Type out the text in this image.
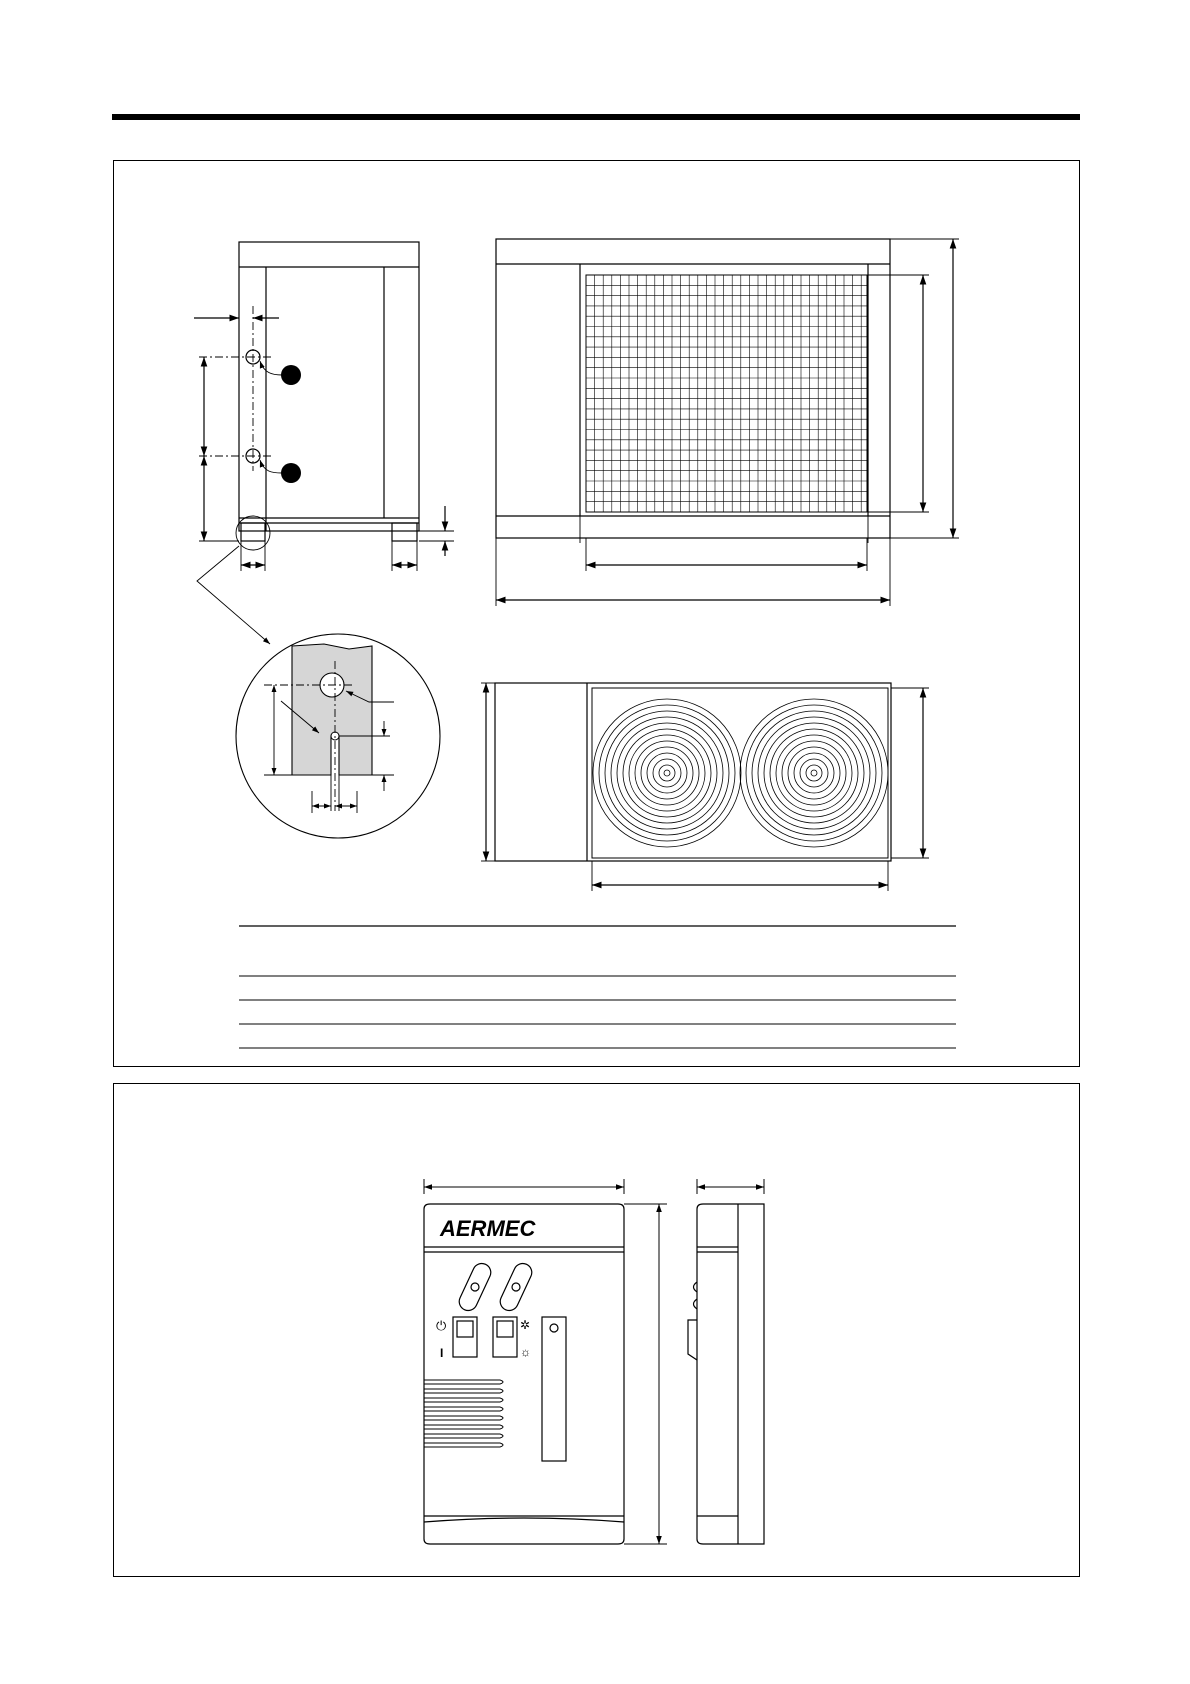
AERMEC
⏻
I
✲
☼
